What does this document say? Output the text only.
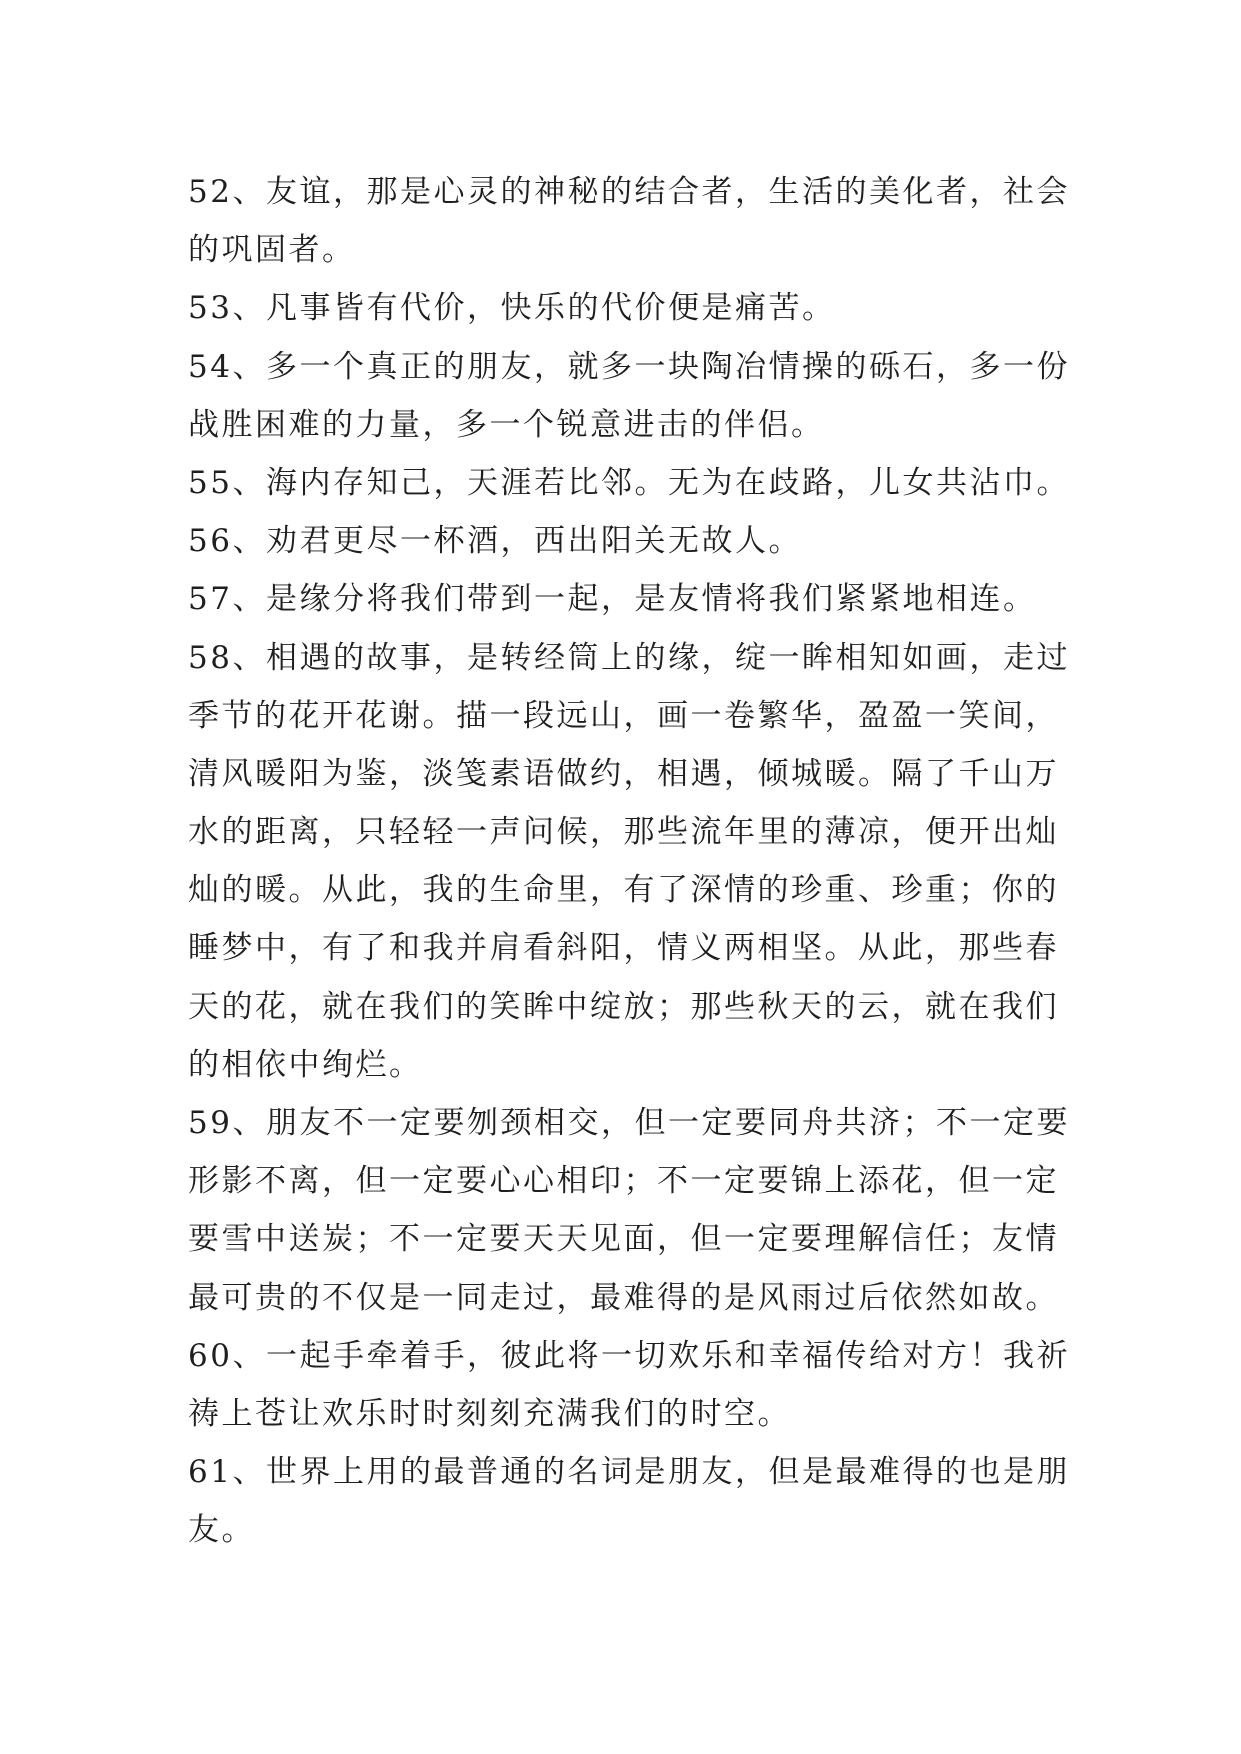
52、友谊，那是心灵的神秘的结合者，生活的美化者，社会
的巩固者。
53、凡事皆有代价，快乐的代价便是痛苦。
54、多一个真正的朋友，就多一块陶冶情操的砾石，多一份
战胜困难的力量，多一个锐意进击的伴侣。
55、海内存知己，天涯若比邻。无为在歧路，儿女共沾巾。
56、劝君更尽一杯酒，西出阳关无故人。
57、是缘分将我们带到一起，是友情将我们紧紧地相连。
58、相遇的故事，是转经筒上的缘，绽一眸相知如画，走过
季节的花开花谢。描一段远山，画一卷繁华，盈盈一笑间，
清风暖阳为鉴，淡笺素语做约，相遇，倾城暖。隔了千山万
水的距离，只轻轻一声问候，那些流年里的薄凉，便开出灿
灿的暖。从此，我的生命里，有了深情的珍重、珍重；你的
睡梦中，有了和我并肩看斜阳，情义两相坚。从此，那些春
天的花，就在我们的笑眸中绽放；那些秋天的云，就在我们
的相依中绚烂。
59、朋友不一定要刎颈相交，但一定要同舟共济；不一定要
形影不离，但一定要心心相印；不一定要锦上添花，但一定
要雪中送炭；不一定要天天见面，但一定要理解信任；友情
最可贵的不仅是一同走过，最难得的是风雨过后依然如故。
60、一起手牵着手，彼此将一切欢乐和幸福传给对方！我祈
祷上苍让欢乐时时刻刻充满我们的时空。
61、世界上用的最普通的名词是朋友，但是最难得的也是朋
友。
